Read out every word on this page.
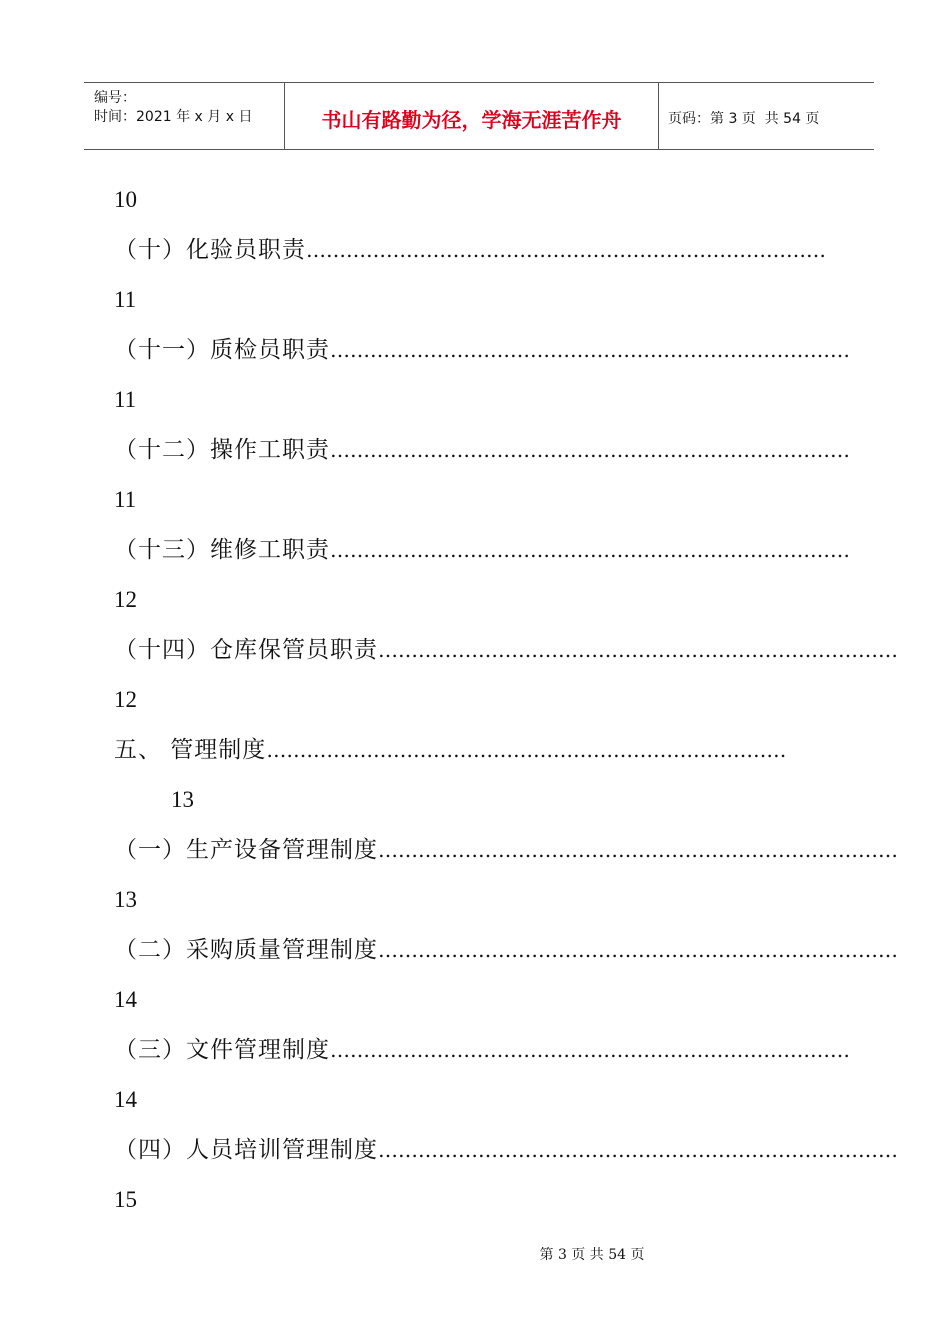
编号：
时间：2021 年 x 月 x 日	书山有路勤为径，学海无涯苦作舟	页码：第 3 页  共 54 页
10
（十）化验员职责 ……………………………………………………………………
11
（十一）质检员职责 ……………………………………………………………………
11
（十二）操作工职责 ……………………………………………………………………
11
（十三）维修工职责 ……………………………………………………………………
12
（十四）仓库保管员职责 ……………………………………………………………………
12
五、 管理制度 ……………………………………………………………………
13
（一）生产设备管理制度 ……………………………………………………………………
13
（二）采购质量管理制度 ……………………………………………………………………
14
（三）文件管理制度 ……………………………………………………………………
14
（四）人员培训管理制度 ……………………………………………………………………
15
第 3 页 共 54 页
